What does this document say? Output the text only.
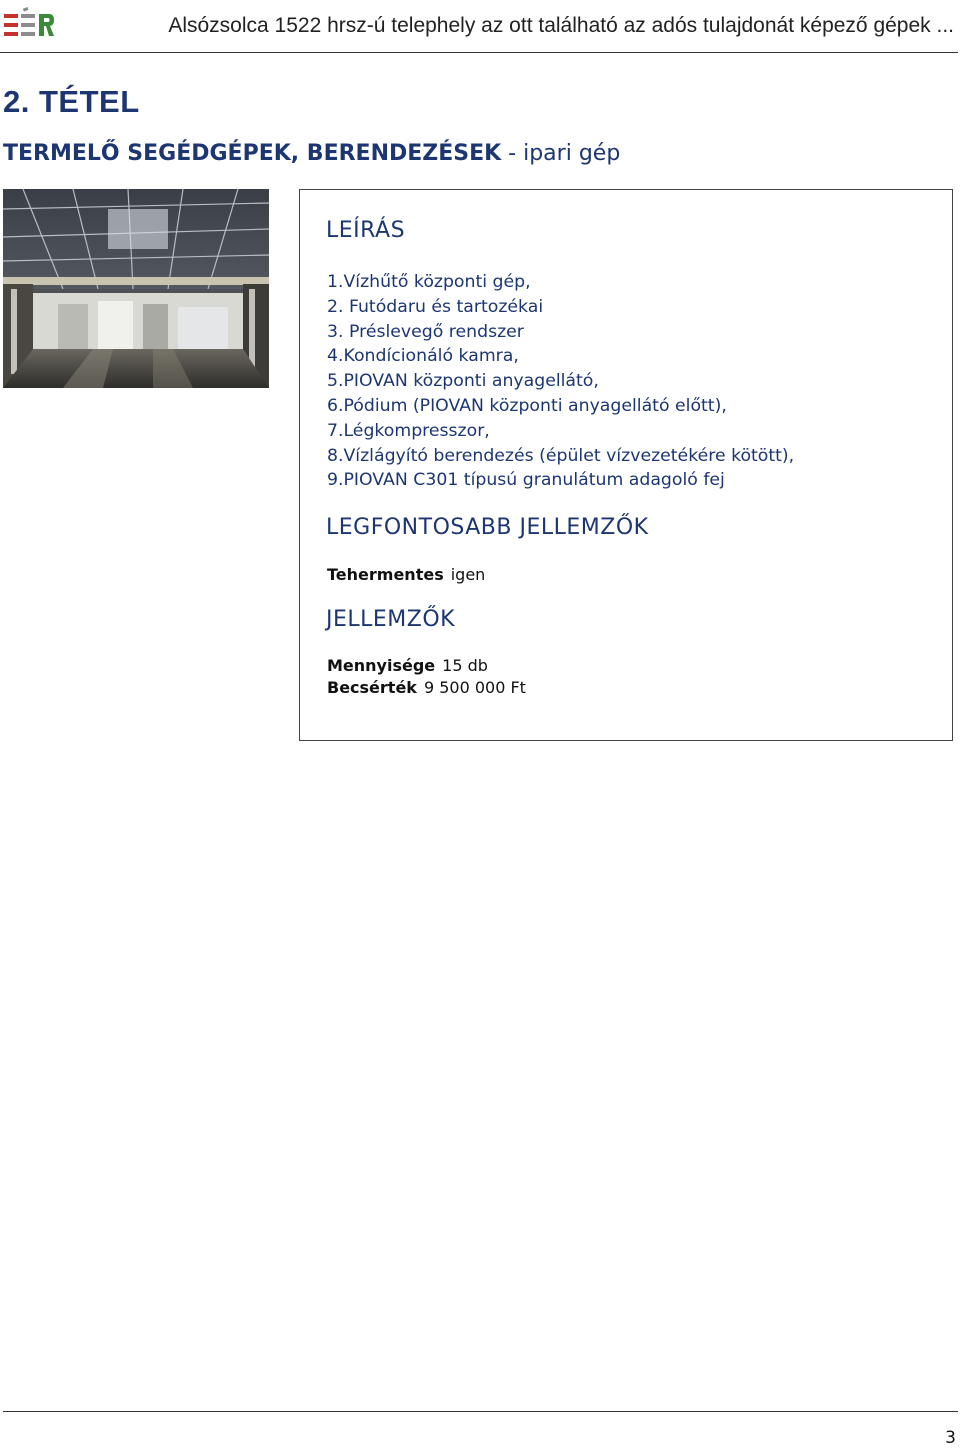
Alsózsolca 1522 hrsz-ú telephely az ott található az adós tulajdonát képező gépek ...
2. TÉTEL
TERMELŐ SEGÉDGÉPEK, BERENDEZÉSEK - ipari gép
LEÍRÁS
1.Vízhűtő központi gép,
2. Futódaru és tartozékai
3. Préslevegő rendszer
4.Kondícionáló kamra,
5.PIOVAN központi anyagellátó,
6.Pódium (PIOVAN központi anyagellátó előtt),
7.Légkompresszor,
8.Vízlágyító berendezés (épület vízvezetékére kötött),
9.PIOVAN C301 típusú granulátum adagoló fej
LEGFONTOSABB JELLEMZŐK
Tehermentes igen
JELLEMZŐK
Mennyisége 15 db
Becsérték 9 500 000 Ft
3
